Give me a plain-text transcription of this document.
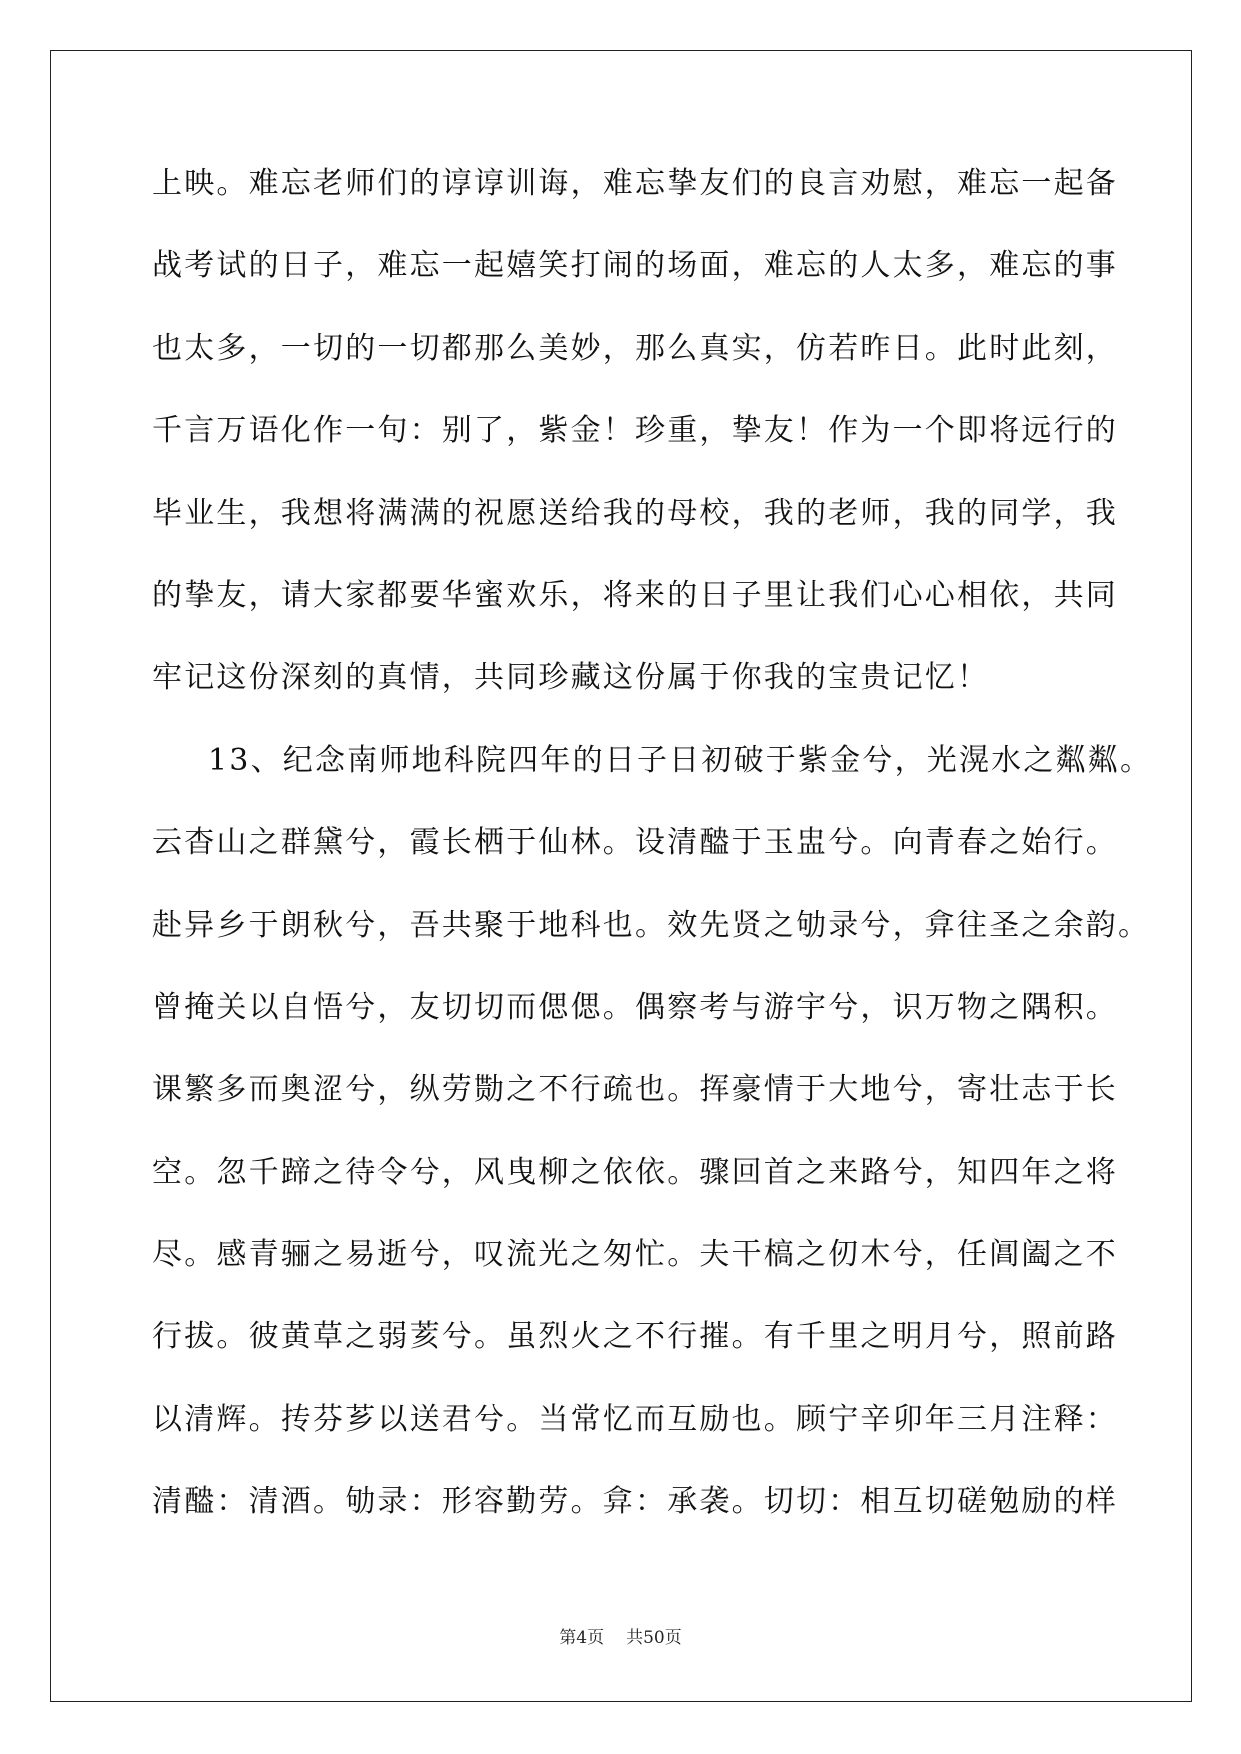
上映。难忘老师们的谆谆训诲，难忘挚友们的良言劝慰，难忘一起备
战考试的日子，难忘一起嬉笑打闹的场面，难忘的人太多，难忘的事
也太多，一切的一切都那么美妙，那么真实，仿若昨日。此时此刻，
千言万语化作一句：别了，紫金！珍重，挚友！作为一个即将远行的
毕业生，我想将满满的祝愿送给我的母校，我的老师，我的同学，我
的挚友，请大家都要华蜜欢乐，将来的日子里让我们心心相依，共同
牢记这份深刻的真情，共同珍藏这份属于你我的宝贵记忆！
13、纪念南师地科院四年的日子日初破于紫金兮，光滉水之粼粼。
云杳山之群黛兮，霞长栖于仙林。设清醠于玉盅兮。向青春之始行。
赴异乡于朗秋兮，吾共聚于地科也。效先贤之劬录兮，弇往圣之余韵。
曾掩关以自悟兮，友切切而偲偲。偶察考与游宇兮，识万物之隅积。
课繁多而奥涩兮，纵劳勚之不行疏也。挥豪情于大地兮，寄壮志于长
空。忽千蹄之待令兮，风曳柳之依依。骤回首之来路兮，知四年之将
尽。感青骊之易逝兮，叹流光之匆忙。夫干槁之仞木兮，任阊阖之不
行拔。彼黄草之弱荄兮。虽烈火之不行摧。有千里之明月兮，照前路
以清辉。抟芬芗以送君兮。当常忆而互励也。顾宁辛卯年三月注释：
清醠：清酒。劬录：形容勤劳。弇：承袭。切切：相互切磋勉励的样
第4页 共50页
